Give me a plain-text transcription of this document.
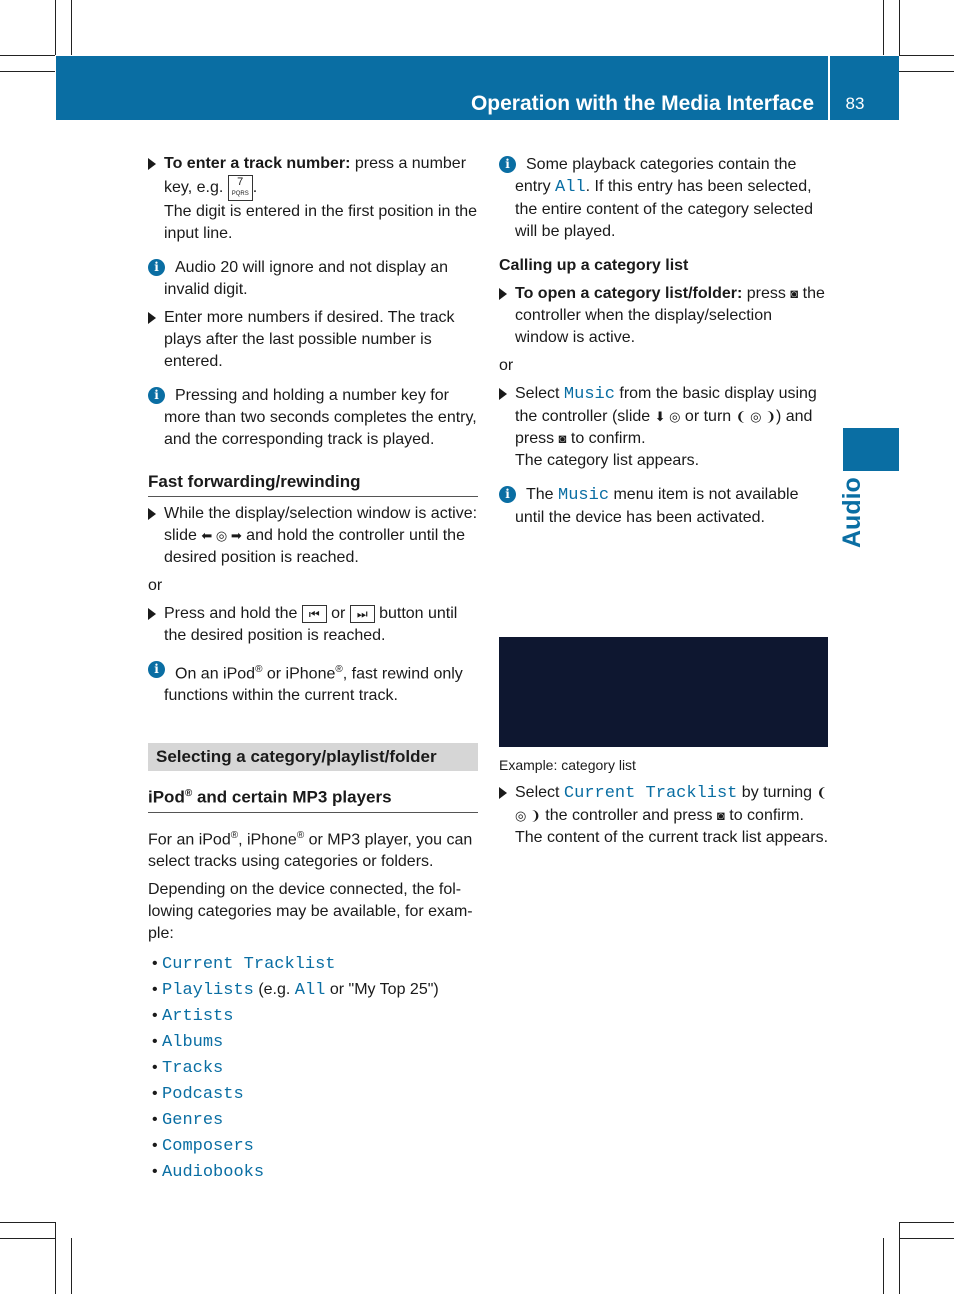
Operation with the Media Interface	83
Audio

To enter a track number: press a number key, e.g. 7
PQRS .

The digit is entered in the first position in the input line.

i	Audio 20 will ignore and not display an invalid digit.

Enter more numbers if desired. The track plays after the last possible number is entered.

i	Pressing and holding a number key for more than two seconds completes the entry, and the corresponding track is played.

Fast forwarding/rewinding

While the display/selection window is active: slide ⬅ ◎ ➡ and hold the controller until the desired position is reached.

or

Press and hold the ⏮ or ⏭ button until the desired position is reached.

i	On an iPod® or iPhone®, fast rewind only functions within the current track.

Selecting a category/playlist/folder
iPod® and certain MP3 players

For an iPod®, iPhone® or MP3 player, you can select tracks using categories or folders.

Depending on the device connected, the following categories may be available, for example:

• Current Tracklist
• Playlists (e.g. All or "My Top 25")
• Artists
• Albums
• Tracks
• Podcasts
• Genres
• Composers
• Audiobooks
i	Some playback categories contain the entry All. If this entry has been selected, the entire content of the category selected will be played.

Calling up a category list

To open a category list/folder: press ◙ the controller when the display/selection window is active.

or

Select Music from the basic display using the controller (slide ⬇ ◎ or turn ❨ ◎ ❩) and press ◙ to confirm.

The category list appears.

i	The Music menu item is not available until the device has been activated.

Example: category list

Select Current Tracklist by turning ❨ ◎ ❩ the controller and press ◙ to confirm.

The content of the current track list appears.
